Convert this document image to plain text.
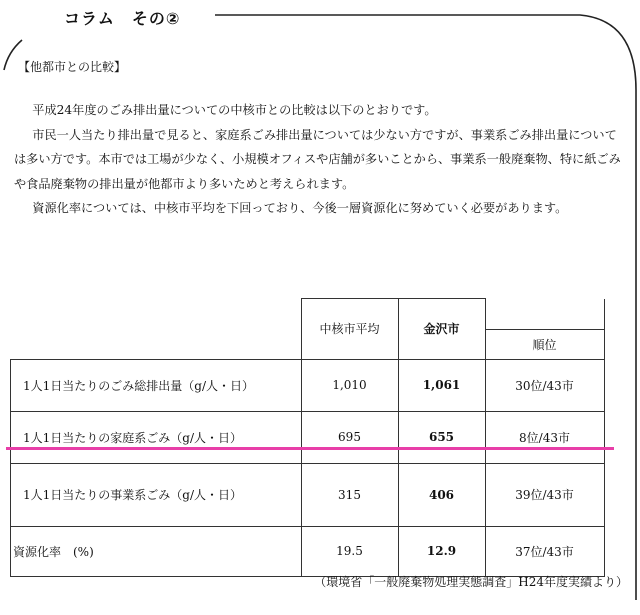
コラム　その②
【他都市との比較】

平成24年度のごみ排出量についての中核市との比較は以下のとおりです。

市民一人当たり排出量で見ると、家庭系ごみ排出量については少ない方ですが、事業系ごみ排出量については多い方です。本市では工場が少なく、小規模オフィスや店舗が多いことから、事業系一般廃棄物、特に紙ごみや食品廃棄物の排出量が他都市より多いためと考えられます。

資源化率については、中核市平均を下回っており、今後一層資源化に努めていく必要があります。

	中核市平均	金沢市	順位

1人1日当たりのごみ総排出量（g/人・日）	1,010	1,061	30位/43市
1人1日当たりの家庭系ごみ（g/人・日）	695	655	8位/43市
1人1日当たりの事業系ごみ（g/人・日）	315	406	39位/43市
資源化率　(%)	19.5	12.9	37位/43市
（環境省「一般廃棄物処理実態調査」H24年度実績より）
